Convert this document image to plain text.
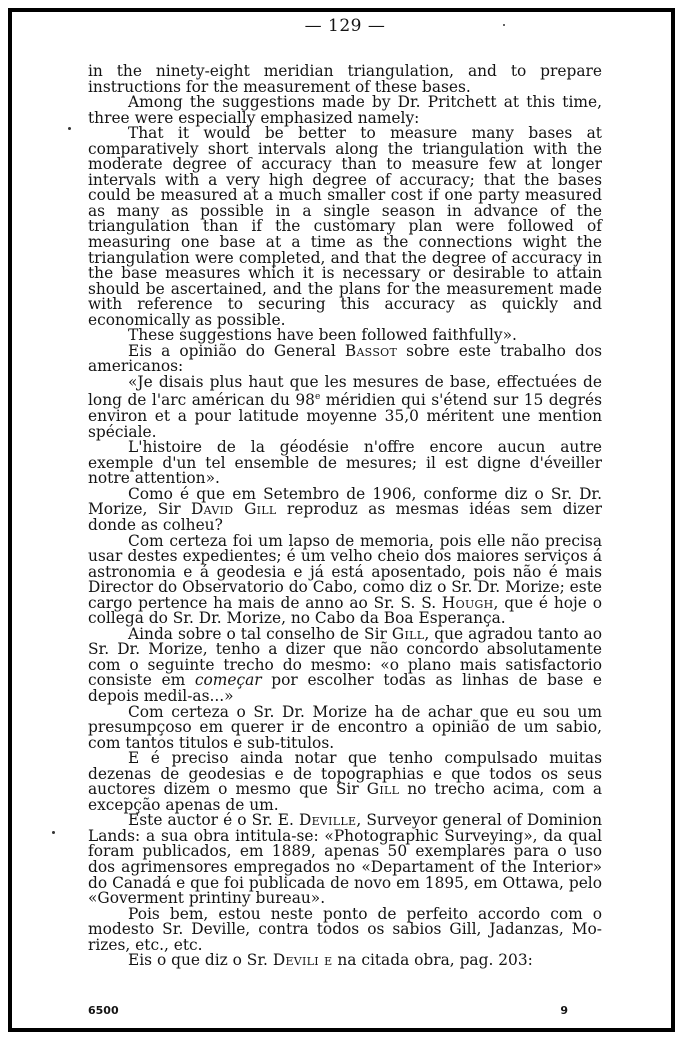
— 129 —

in the ninety-eight meridian triangulation, and to prepare instructions for the measurement of these bases.

Among the suggestions made by Dr. Pritchett at this time, three were especially emphasized namely:

That it would be better to measure many bases at comparatively short intervals along the triangulation with the moderate degree of accuracy than to measure few at longer intervals with a very high degree of accuracy; that the bases could be measured at a much smaller cost if one party measured as many as possible in a single season in advance of the triangulation than if the customary plan were followed of measuring one base at a time as the connections wight the triangulation were completed, and that the degree of accuracy in the base measures which it is necessary or desirable to attain should be ascertained, and the plans for the measurement made with reference to securing this accuracy as quickly and economically as possible.

These suggestions have been followed faithfully».

Eis a opinião do General Bassot sobre este trabalho dos americanos:

«Je disais plus haut que les mesures de base, effectuées de long de l'arc américan du 98e méridien qui s'étend sur 15 degrés environ et a pour latitude moyenne 35,0 méritent une mention spéciale.

L'histoire de la géodésie n'offre encore aucun autre exemple d'un tel ensemble de mesures; il est digne d'éveiller notre attention».

Como é que em Setembro de 1906, conforme diz o Sr. Dr. Morize, Sir David Gill reproduz as mesmas idéas sem dizer donde as colheu?

Com certeza foi um lapso de memoria, pois elle não precisa usar destes expedientes; é um velho cheio dos maiores serviços á astronomia e á geodesia e já está aposentado, pois não é mais Director do Observatorio do Cabo, como diz o Sr. Dr. Morize; este cargo pertence ha mais de anno ao Sr. S. S. Hough, que é hoje o collega do Sr. Dr. Morize, no Cabo da Boa Esperança.

Ainda sobre o tal conselho de Sir Gill, que agradou tanto ao Sr. Dr. Morize, tenho a dizer que não concordo absolutamente com o seguinte trecho do mesmo: «o plano mais satisfactorio consiste em começar por escolher todas as linhas de base e depois medil-as...»

Com certeza o Sr. Dr. Morize ha de achar que eu sou um presumpçoso em querer ir de encontro a opinião de um sabio, com tantos titulos e sub-titulos.

E é preciso ainda notar que tenho compulsado muitas dezenas de geodesias e de topographias e que todos os seus auctores dizem o mesmo que Sir Gill no trecho acima, com a excepção apenas de um.

Este auctor é o Sr. E. Deville, Surveyor general of Dominion Lands: a sua obra intitula-se: «Photographic Surveying», da qual foram publicados, em 1889, apenas 50 exemplares para o uso dos agrimensores empregados no «Departament of the Interior» do Canadá e que foi publicada de novo em 1895, em Ottawa, pelo «Goverment printiny bureau».

Pois bem, estou neste ponto de perfeito accordo com o modesto Sr. Deville, contra todos os sabios Gill, Jadanzas, Mo-rizes, etc., etc.

Eis o que diz o Sr. Devili e na citada obra, pag. 203:

6500	9
